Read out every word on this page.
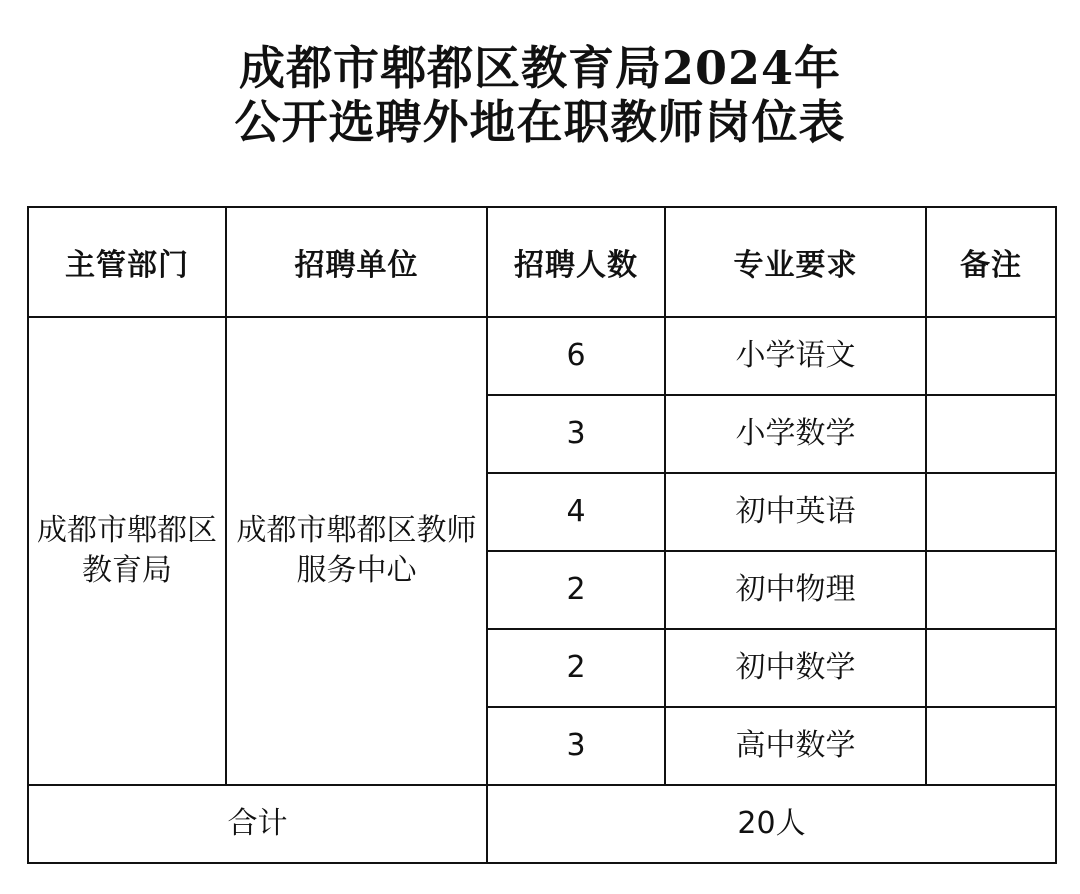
成都市郫都区教育局2024年
公开选聘外地在职教师岗位表
主管部门	招聘单位	招聘人数	专业要求	备注
成都市郫都区教育局	成都市郫都区教师服务中心	6	小学语文	
		3	小学数学	
		4	初中英语	
		2	初中物理	
		2	初中数学	
		3	高中数学	
合计		20人		
